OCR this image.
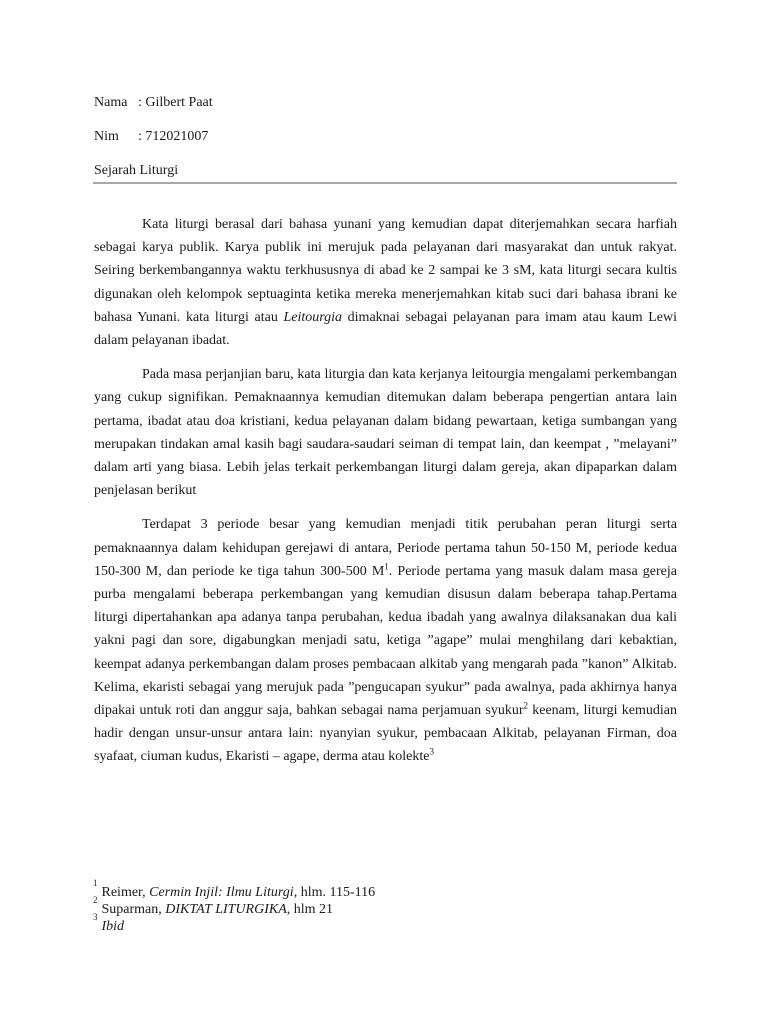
Nama : Gilbert Paat
Nim	: 712021007
Sejarah Liturgi

Kata liturgi berasal dari bahasa yunani yang kemudian dapat diterjemahkan secara harfiah sebagai karya publik. Karya publik ini merujuk pada pelayanan dari masyarakat dan untuk rakyat. Seiring berkembangannya waktu terkhususnya di abad ke 2 sampai ke 3 sM, kata liturgi secara kultis digunakan oleh kelompok septuaginta ketika mereka menerjemahkan kitab suci dari bahasa ibrani ke bahasa Yunani. kata liturgi atau Leitourgia dimaknai sebagai pelayanan para imam atau kaum Lewi dalam pelayanan ibadat.

Pada masa perjanjian baru, kata liturgia dan kata kerjanya leitourgia mengalami perkembangan yang cukup signifikan. Pemaknaannya kemudian ditemukan dalam beberapa pengertian antara lain pertama, ibadat atau doa kristiani, kedua pelayanan dalam bidang pewartaan, ketiga sumbangan yang merupakan tindakan amal kasih bagi saudara-saudari seiman di tempat lain, dan keempat , ”melayani” dalam arti yang biasa. Lebih jelas terkait perkembangan liturgi dalam gereja, akan dipaparkan dalam penjelasan berikut

Terdapat 3 periode besar yang kemudian menjadi titik perubahan peran liturgi serta pemaknaannya dalam kehidupan gerejawi di antara, Periode pertama tahun 50-150 M, periode kedua 150-300 M, dan periode ke tiga tahun 300-500 $M^1$. Periode pertama yang masuk dalam masa gereja purba mengalami beberapa perkembangan yang kemudian disusun dalam beberapa tahap.Pertama liturgi dipertahankan apa adanya tanpa perubahan, kedua ibadah yang awalnya dilaksanakan dua kali yakni pagi dan sore, digabungkan menjadi satu, ketiga ”agape” mulai menghilang dari kebaktian, keempat adanya perkembangan dalam proses pembacaan alkitab yang mengarah pada ”kanon” Alkitab. Kelima, ekaristi sebagai yang merujuk pada ”pengucapan syukur” pada awalnya, pada akhirnya hanya dipakai untuk roti dan anggur saja, bahkan sebagai nama perjamuan syukur$^2$ keenam, liturgi kemudian hadir dengan unsur-unsur antara lain: nyanyian syukur, pembacaan Alkitab, pelayanan Firman, doa syafaat, ciuman kudus, Ekaristi – agape, derma atau kolekte$^3$

$^1$Reimer, Cermin Injil: Ilmu Liturgi, hlm. 115-116
$^2$Suparman, DIKTAT LITURGIKA, hlm 21
$^3$Ibid
